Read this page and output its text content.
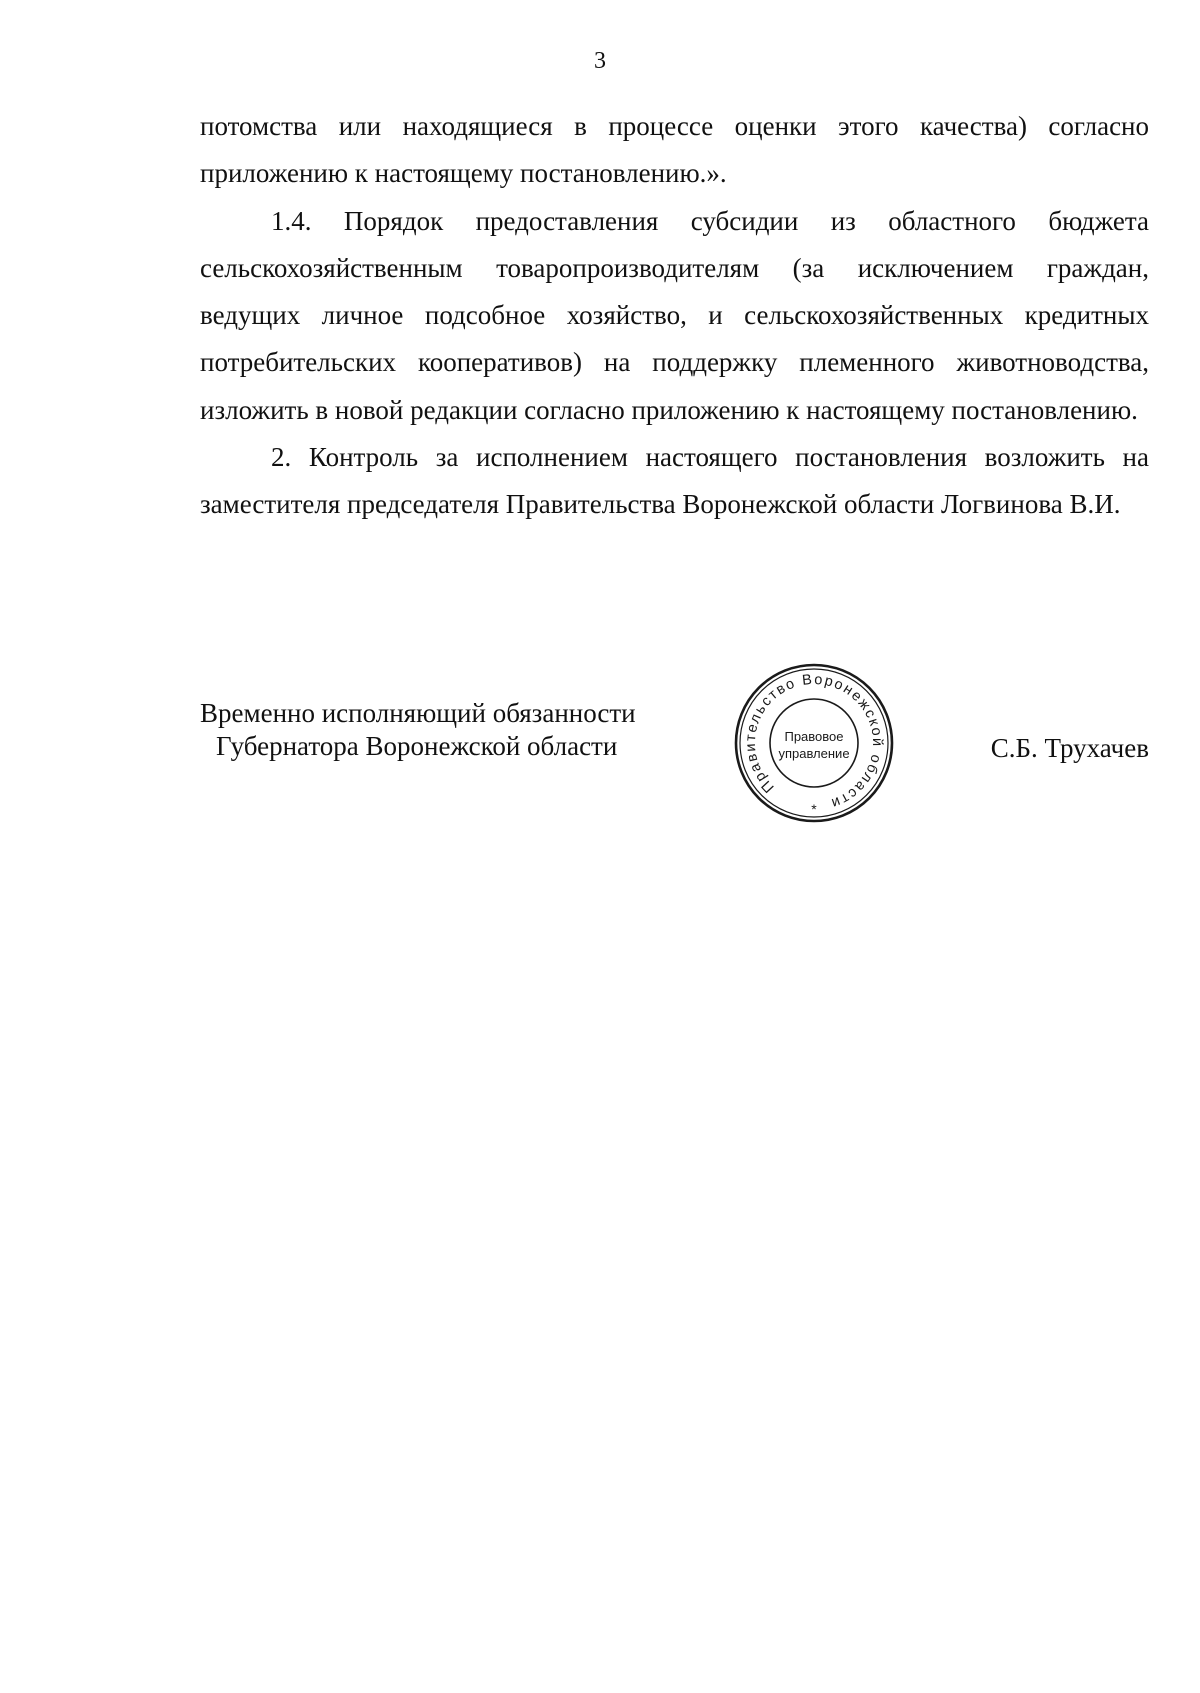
3

потомства или находящиеся в процессе оценки этого качества) согласно приложению к настоящему постановлению.».

1.4. Порядок предоставления субсидии из областного бюджета сельскохозяйственным товаропроизводителям (за исключением граждан, ведущих личное подсобное хозяйство, и сельскохозяйственных кредитных потребительских кооперативов) на поддержку племенного животноводства, изложить в новой редакции согласно приложению к настоящему постановлению.

2. Контроль за исполнением настоящего постановления возложить на заместителя председателя Правительства Воронежской области Логвинова В.И.

Временно исполняющий обязанности
Губернатора Воронежской области
Правительство Воронежской области
Правовое
управление
*
С.Б. Трухачев
